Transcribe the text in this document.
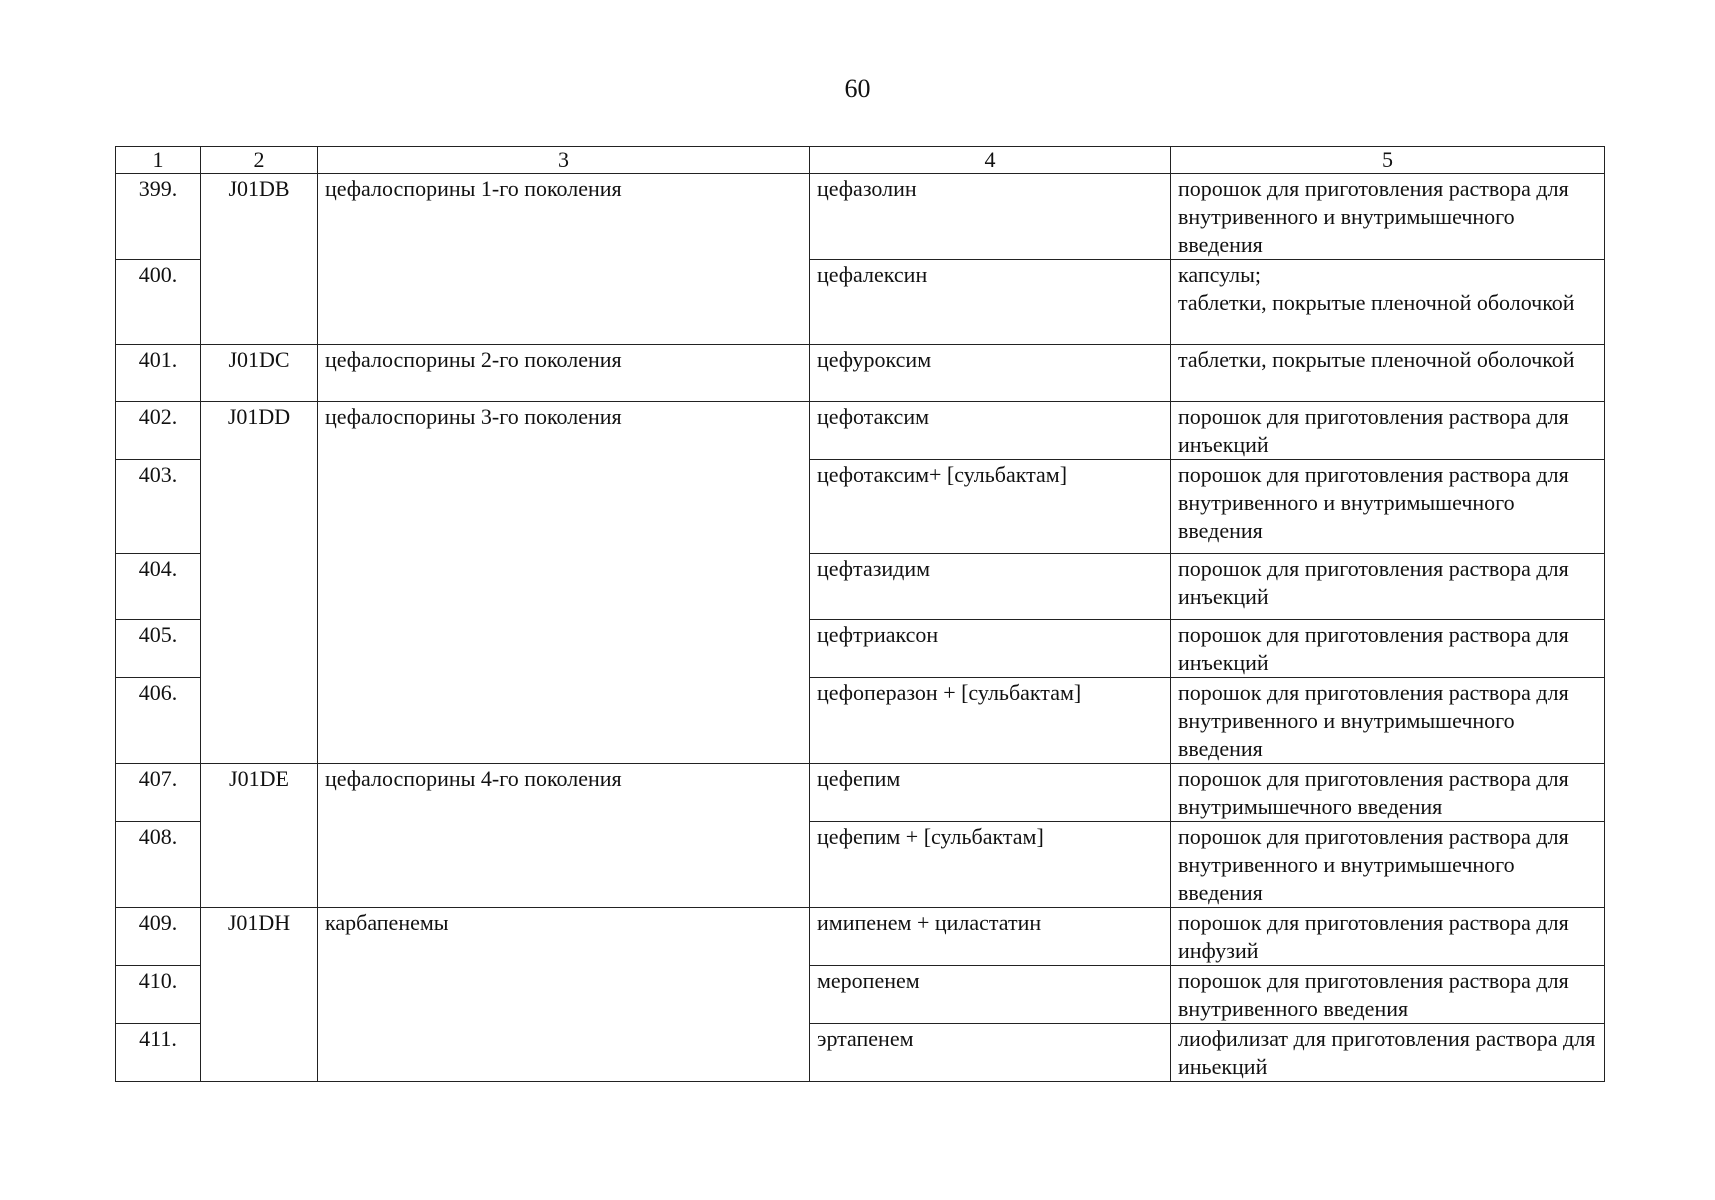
60
1	2	3	4	5
399.	J01DB	цефалоспорины 1-го поколения	цефазолин	порошок для приготовления раствора для внутривенного и внутримышечного введения
400.			цефалексин	капсулы;
таблетки, покрытые пленочной оболочкой
401.	J01DC	цефалоспорины 2-го поколения	цефуроксим	таблетки, покрытые пленочной оболочкой
402.	J01DD	цефалоспорины 3-го поколения	цефотаксим	порошок для приготовления раствора для инъекций
403.			цефотаксим+ [сульбактам]	порошок для приготовления раствора для внутривенного и внутримышечного введения
404.			цефтазидим	порошок для приготовления раствора для инъекций
405.			цефтриаксон	порошок для приготовления раствора для инъекций
406.			цефоперазон + [сульбактам]	порошок для приготовления раствора для внутривенного и внутримышечного введения
407.	J01DE	цефалоспорины 4-го поколения	цефепим	порошок для приготовления раствора для внутримышечного введения
408.			цефепим + [сульбактам]	порошок для приготовления раствора для внутривенного и внутримышечного введения
409.	J01DH	карбапенемы	имипенем + циластатин	порошок для приготовления раствора для инфузий
410.			меропенем	порошок для приготовления раствора для внутривенного введения
411.			эртапенем	лиофилизат для приготовления раствора для иньекций
